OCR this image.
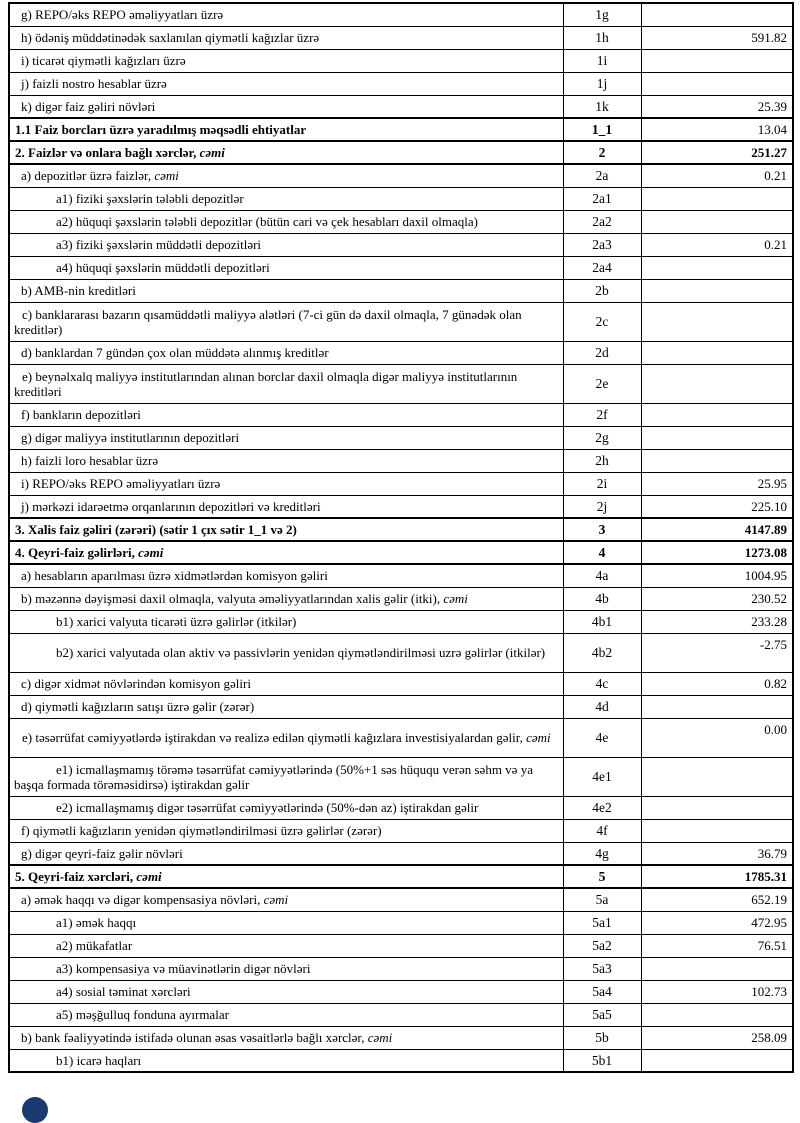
g) REPO/əks REPO əməliyyatları üzrə	1g	
h) ödəniş müddətinədək saxlanılan qiymətli kağızlar üzrə	1h	591.82
i) ticarət qiymətli kağızları üzrə	1i	
j) faizli nostro hesablar üzrə	1j	
k) digər faiz gəliri növləri	1k	25.39
1.1 Faiz borcları üzrə yaradılmış məqsədli ehtiyatlar	1_1	13.04
2. Faizlər və onlara bağlı xərclər, cəmi	2	251.27
a) depozitlər üzrə faizlər, cəmi	2a	0.21
a1) fiziki şəxslərin tələbli depozitlər	2a1	
a2) hüquqi şəxslərin tələbli depozitlər (bütün cari və çek hesabları daxil olmaqla)	2a2	
a3) fiziki şəxslərin müddətli depozitləri	2a3	0.21
a4) hüquqi şəxslərin müddətli depozitləri	2a4	
b) AMB-nin kreditləri	2b	
c) banklararası bazarın qısamüddətli maliyyə alətləri (7-ci gün də daxil olmaqla, 7 günədək olan kreditlər)	2c	
d) banklardan 7 gündən çox olan müddətə alınmış kreditlər	2d	
e) beynəlxalq maliyyə institutlarından alınan borclar daxil olmaqla digər maliyyə institutlarının kreditləri	2e	
f) bankların depozitləri	2f	
g) digər maliyyə institutlarının depozitləri	2g	
h) faizli loro hesablar üzrə	2h	
i) REPO/əks REPO əməliyyatları üzrə	2i	25.95
j) mərkəzi idarəetmə orqanlarının depozitləri və kreditləri	2j	225.10
3. Xalis faiz gəliri (zərəri) (sətir 1 çıx sətir 1_1 və 2)	3	4147.89
4. Qeyri-faiz gəlirləri, cəmi	4	1273.08
a) hesabların aparılması üzrə xidmətlərdən komisyon gəliri	4a	1004.95
b) məzənnə dəyişməsi daxil olmaqla, valyuta əməliyyatlarından xalis gəlir (itki), cəmi	4b	230.52
b1) xarici valyuta ticarəti üzrə gəlirlər (itkilər)	4b1	233.28
b2) xarici valyutada olan aktiv və passivlərin yenidən qiymətləndirilməsi uzrə gəlirlər (itkilər)	4b2	-2.75
c) digər xidmət növlərindən komisyon gəliri	4c	0.82
d) qiymətli kağızların satışı üzrə gəlir (zərər)	4d	
e) təsərrüfat cəmiyyətlərdə iştirakdan və realizə edilən qiymətli kağızlara investisiyalardan gəlir, cəmi	4e	0.00
e1) icmallaşmamış törəmə təsərrüfat cəmiyyətlərində (50%+1 səs hüququ verən səhm və ya başqa formada törəməsidirsə) iştirakdan gəlir	4e1	
e2) icmallaşmamış digər təsərrüfat cəmiyyətlərində (50%-dən az) iştirakdan gəlir	4e2	
f) qiymətli kağızların yenidən qiymətləndirilməsi üzrə gəlirlər (zərər)	4f	
g) digər qeyri-faiz gəlir növləri	4g	36.79
5. Qeyri-faiz xərcləri, cəmi	5	1785.31
a) əmək haqqı və digər kompensasiya növləri, cəmi	5a	652.19
a1) əmək haqqı	5a1	472.95
a2) mükafatlar	5a2	76.51
a3) kompensasiya və müavinətlərin digər növləri	5a3	
a4) sosial təminat xərcləri	5a4	102.73
a5) məşğulluq fonduna ayırmalar	5a5	
b) bank fəaliyyətində istifadə olunan əsas vəsaitlərlə bağlı xərclər, cəmi	5b	258.09
b1) icarə haqları	5b1	
